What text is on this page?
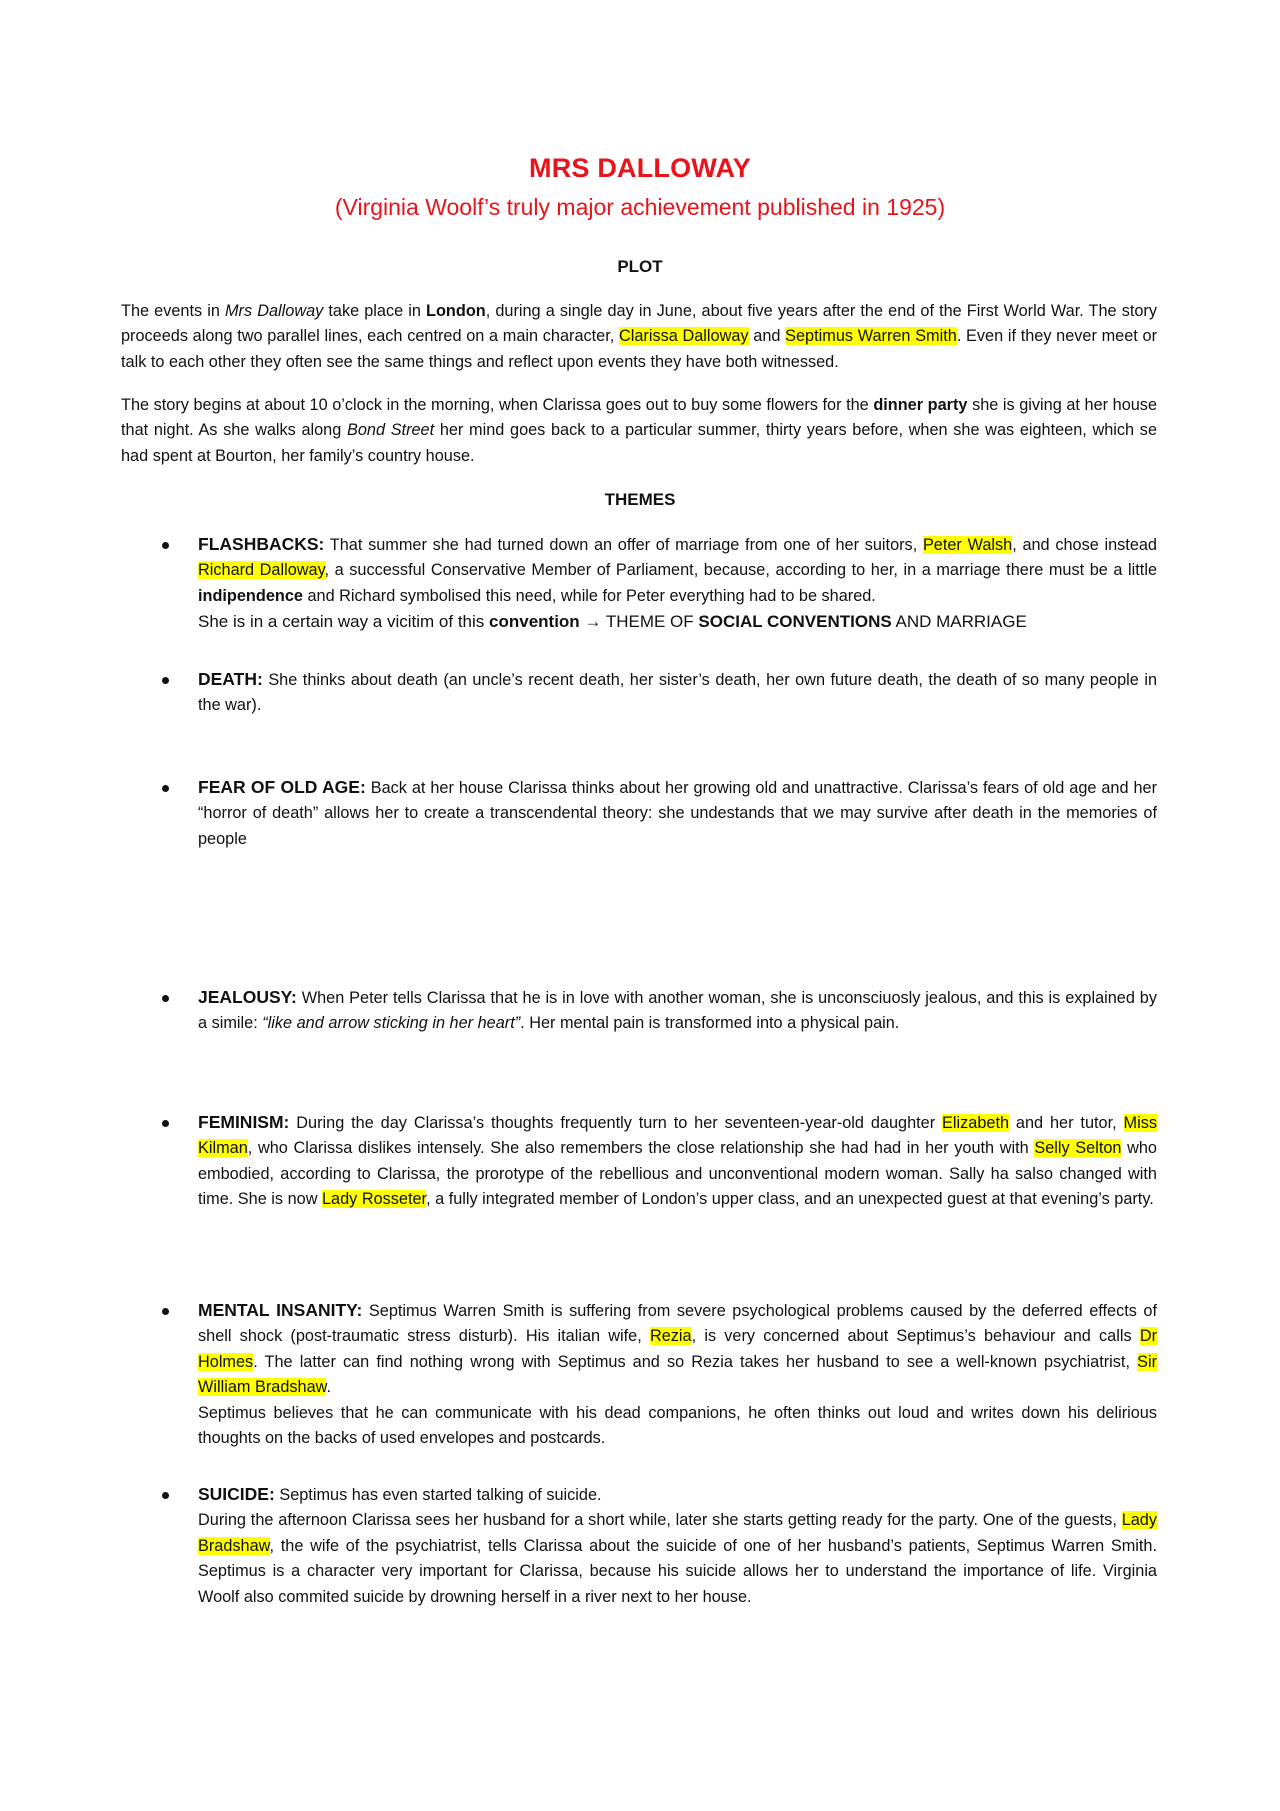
MRS DALLOWAY
(Virginia Woolf’s truly major achievement published in 1925)
PLOT
The events in Mrs Dalloway take place in London, during a single day in June, about five years after the end of the First World War. The story proceeds along two parallel lines, each centred on a main character, Clarissa Dalloway and Septimus Warren Smith. Even if they never meet or talk to each other they often see the same things and reflect upon events they have both witnessed.
The story begins at about 10 o’clock in the morning, when Clarissa goes out to buy some flowers for the dinner party she is giving at her house that night. As she walks along Bond Street her mind goes back to a particular summer, thirty years before, when she was eighteen, which se had spent at Bourton, her family’s country house.
THEMES

FLASHBACKS: That summer she had turned down an offer of marriage from one of her suitors, Peter Walsh, and chose instead Richard Dalloway, a successful Conservative Member of Parliament, because, according to her, in a marriage there must be a little indipendence and Richard symbolised this need, while for Peter everything had to be shared.

She is in a certain way a vicitim of this convention → THEME OF SOCIAL CONVENTIONS AND MARRIAGE

DEATH: She thinks about death (an uncle’s recent death, her sister’s death, her own future death, the death of so many people in the war).

FEAR OF OLD AGE: Back at her house Clarissa thinks about her growing old and unattractive. Clarissa’s fears of old age and her “horror of death” allows her to create a transcendental theory: she undestands that we may survive after death in the memories of people

JEALOUSY: When Peter tells Clarissa that he is in love with another woman, she is unconsciuosly jealous, and this is explained by a simile: “like and arrow sticking in her heart”. Her mental pain is transformed into a physical pain.

FEMINISM: During the day Clarissa’s thoughts frequently turn to her seventeen-year-old daughter Elizabeth and her tutor, Miss Kilman, who Clarissa dislikes intensely. She also remembers the close relationship she had had in her youth with Selly Selton who embodied, according to Clarissa, the prorotype of the rebellious and unconventional modern woman. Sally ha salso changed with time. She is now Lady Rosseter, a fully integrated member of London’s upper class, and an unexpected guest at that evening’s party.

MENTAL INSANITY: Septimus Warren Smith is suffering from severe psychological problems caused by the deferred effects of shell shock (post-traumatic stress disturb). His italian wife, Rezia, is very concerned about Septimus’s behaviour and calls Dr Holmes. The latter can find nothing wrong with Septimus and so Rezia takes her husband to see a well-known psychiatrist, Sir William Bradshaw.

Septimus believes that he can communicate with his dead companions, he often thinks out loud and writes down his delirious thoughts on the backs of used envelopes and postcards.

SUICIDE: Septimus has even started talking of suicide.

During the afternoon Clarissa sees her husband for a short while, later she starts getting ready for the party. One of the guests, Lady Bradshaw, the wife of the psychiatrist, tells Clarissa about the suicide of one of her husband’s patients, Septimus Warren Smith. Septimus is a character very important for Clarissa, because his suicide allows her to understand the importance of life. Virginia Woolf also commited suicide by drowning herself in a river next to her house.
